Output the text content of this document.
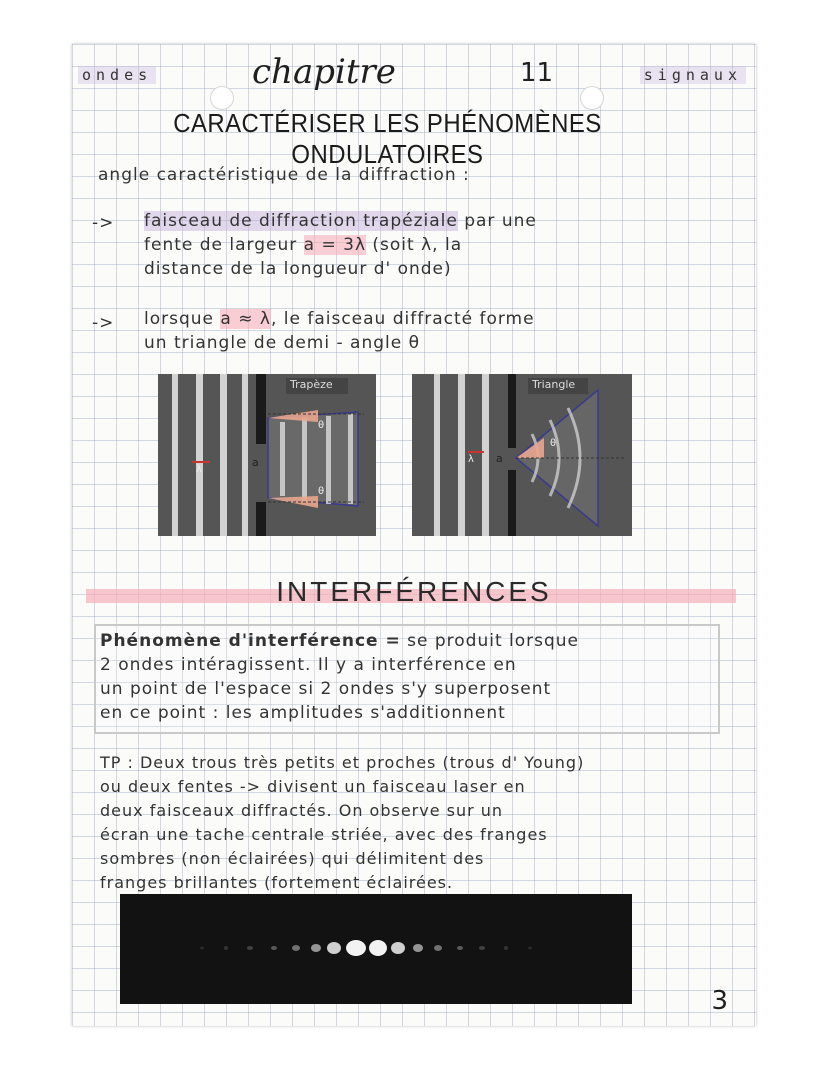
ondes	chapitre	11	signaux
CARACTÉRISER LES PHÉNOMÈNES ONDULATOIRES
angle caractéristique de la diffraction :
-> faisceau de diffraction trapéziale par une
fente de largeur a = 3λ (soit λ, la
distance de la longueur d' onde)
-> lorsque a ≈ λ, le faisceau diffracté forme
un triangle de demi - angle θ
Trapèze
θ
θ
a
λ
Triangle
θ
a
λ
INTERFÉRENCES
Phénomène d'interférence = se produit lorsque
2 ondes intéragissent. Il y a interférence en
un point de l'espace si 2 ondes s'y superposent
en ce point : les amplitudes s'additionnent
TP : Deux trous très petits et proches (trous d' Young)
ou deux fentes -> divisent un faisceau laser en
deux faisceaux diffractés. On observe sur un
écran une tache centrale striée, avec des franges
sombres (non éclairées) qui délimitent des
franges brillantes (fortement éclairées.
3
